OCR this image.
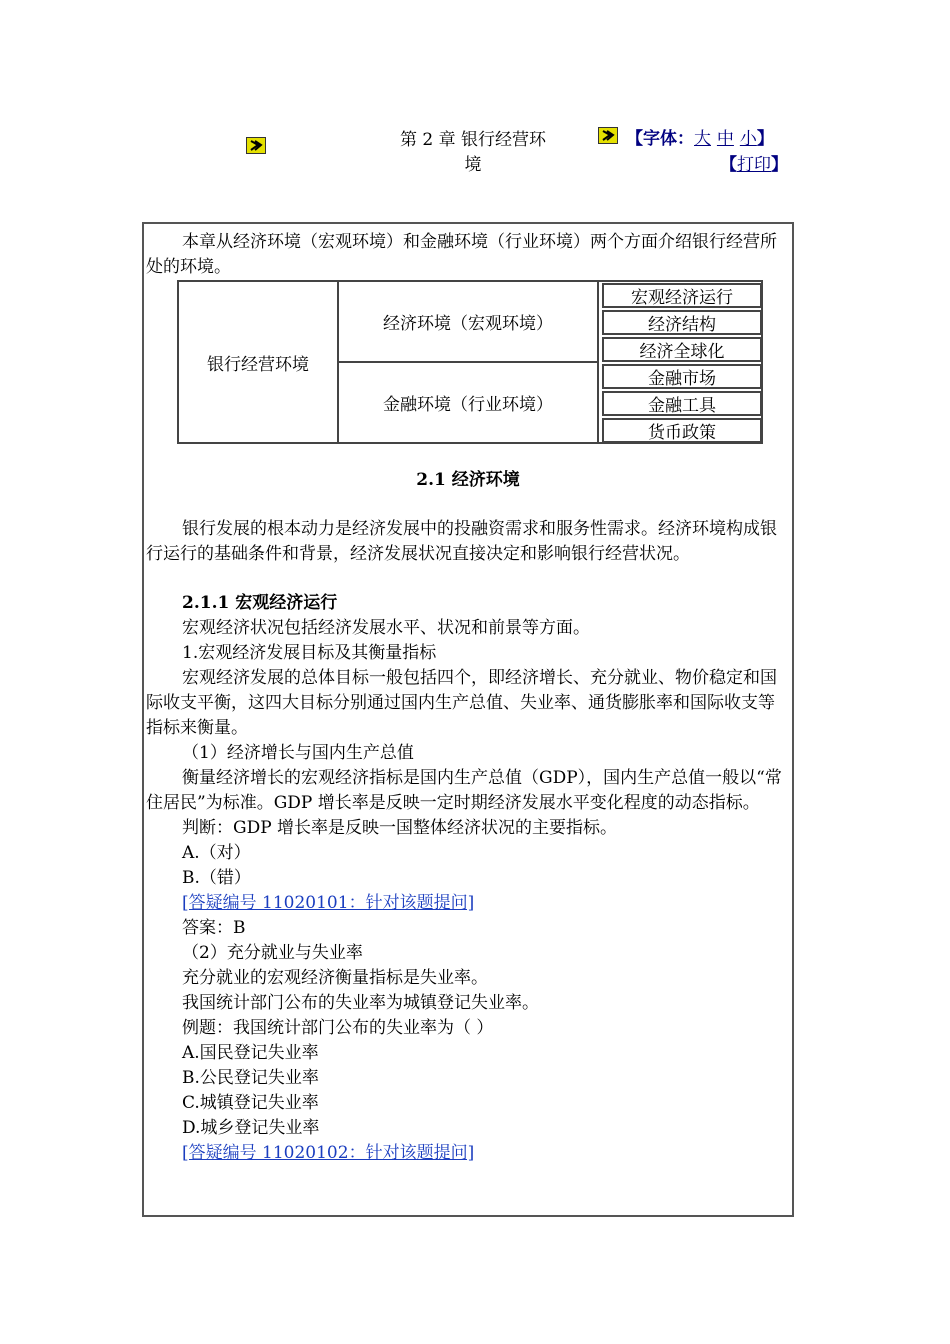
第 2 章 银行经营环
境
【字体：大 中 小】
【打印】

本章从经济环境（宏观环境）和金融环境（行业环境）两个方面介绍银行经营所处的环境。

银行经营环境
经济环境（宏观环境）
金融环境（行业环境）
宏观经济运行
经济结构
经济全球化
金融市场
金融工具
货币政策

2.1 经济环境

银行发展的根本动力是经济发展中的投融资需求和服务性需求。经济环境构成银行运行的基础条件和背景，经济发展状况直接决定和影响银行经营状况。

2.1.1 宏观经济运行

宏观经济状况包括经济发展水平、状况和前景等方面。

1.宏观经济发展目标及其衡量指标

宏观经济发展的总体目标一般包括四个，即经济增长、充分就业、物价稳定和国际收支平衡，这四大目标分别通过国内生产总值、失业率、通货膨胀率和国际收支等指标来衡量。

（1）经济增长与国内生产总值

衡量经济增长的宏观经济指标是国内生产总值（GDP），国内生产总值一般以“常住居民”为标准。GDP 增长率是反映一定时期经济发展水平变化程度的动态指标。

判断：GDP 增长率是反映一国整体经济状况的主要指标。

A.（对）

B.（错）

[答疑编号 11020101：针对该题提问]

答案：B

（2）充分就业与失业率

充分就业的宏观经济衡量指标是失业率。

我国统计部门公布的失业率为城镇登记失业率。

例题：我国统计部门公布的失业率为（ ）

A.国民登记失业率

B.公民登记失业率

C.城镇登记失业率

D.城乡登记失业率

[答疑编号 11020102：针对该题提问]
